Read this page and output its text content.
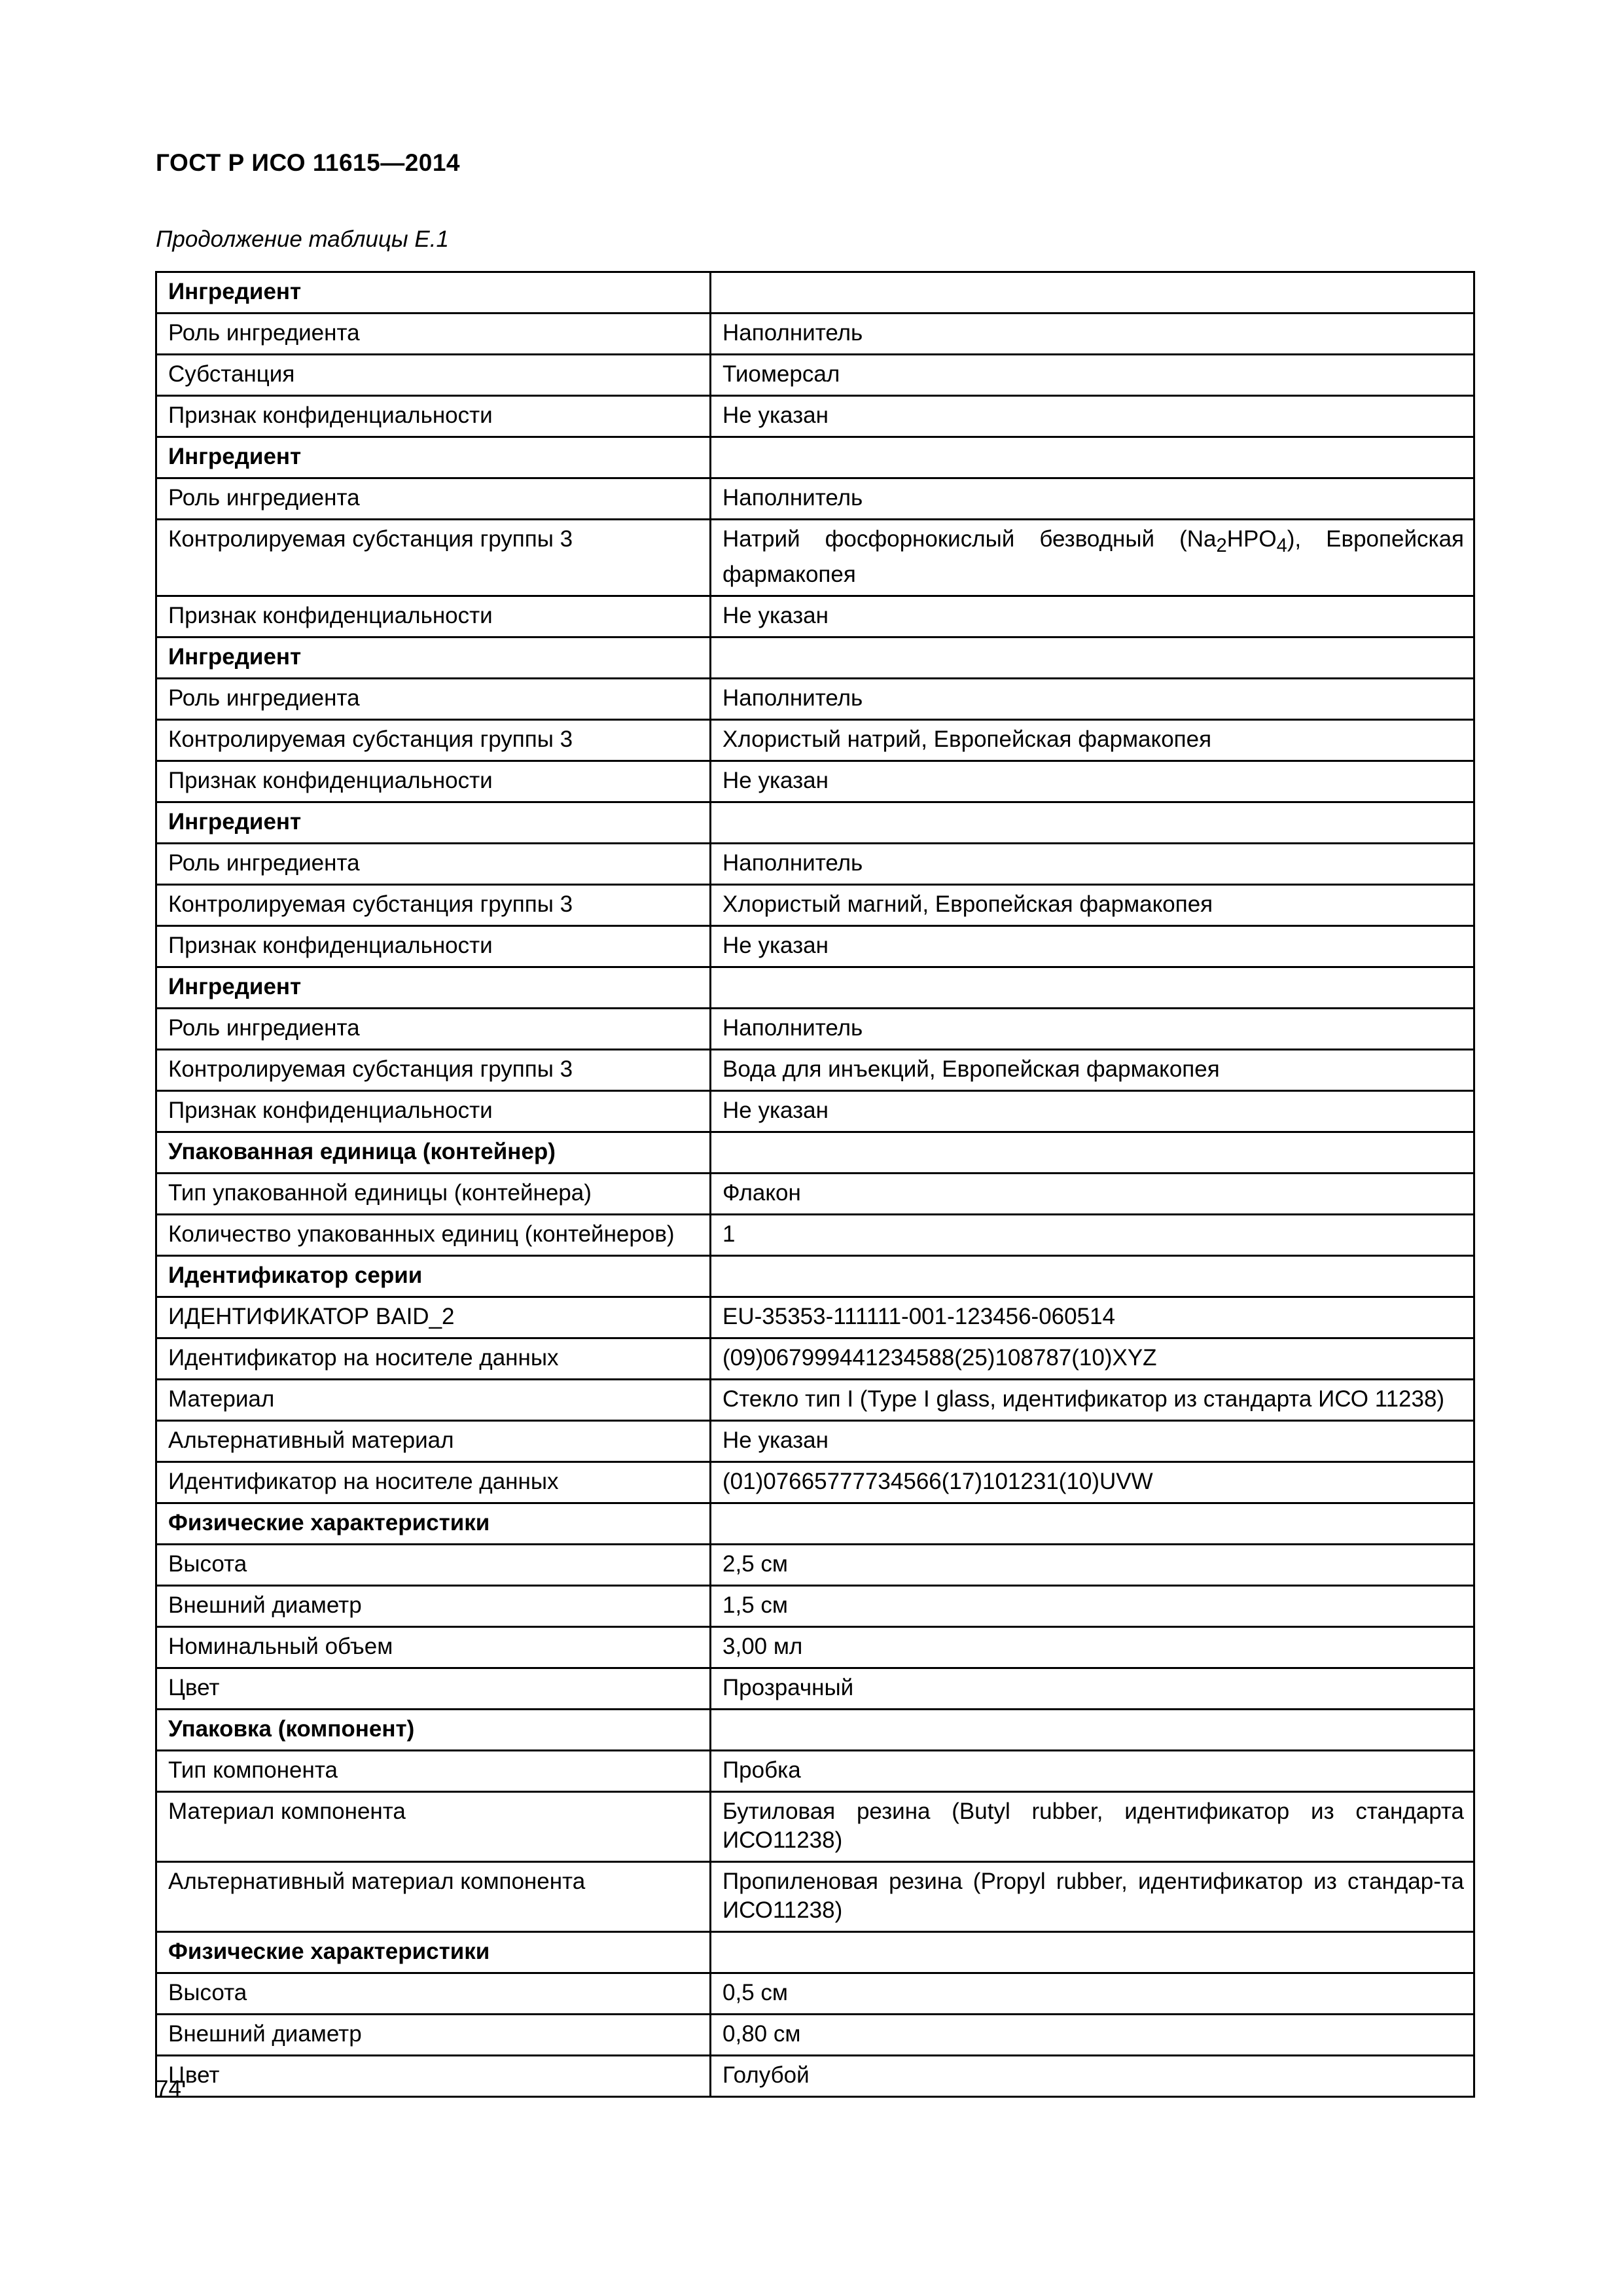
ГОСТ Р ИСО 11615—2014
Продолжение таблицы Е.1
Ингредиент	
Роль ингредиента	Наполнитель
Субстанция	Тиомерсал
Признак конфиденциальности	Не указан
Ингредиент	
Роль ингредиента	Наполнитель
Контролируемая субстанция группы 3	Натрий фосфорнокислый безводный $(Na_2HPO_4)$, Европейская фармакопея
Признак конфиденциальности	Не указан
Ингредиент	
Роль ингредиента	Наполнитель
Контролируемая субстанция группы 3	Хлористый натрий, Европейская фармакопея
Признак конфиденциальности	Не указан
Ингредиент	
Роль ингредиента	Наполнитель
Контролируемая субстанция группы 3	Хлористый магний, Европейская фармакопея
Признак конфиденциальности	Не указан
Ингредиент	
Роль ингредиента	Наполнитель
Контролируемая субстанция группы 3	Вода для инъекций, Европейская фармакопея
Признак конфиденциальности	Не указан
Упакованная единица (контейнер)	
Тип упакованной единицы (контейнера)	Флакон
Количество упакованных единиц (контейнеров)	1
Идентификатор серии	
ИДЕНТИФИКАТОР BAID_2	EU-35353-111111-001-123456-060514
Идентификатор на носителе данных	(09)067999441234588(25)108787(10)XYZ
Материал	Стекло тип I (Type I glass, идентификатор из стандарта ИСО 11238)
Альтернативный материал	Не указан
Идентификатор на носителе данных	(01)07665777734566(17)101231(10)UVW
Физические характеристики	
Высота	2,5 см
Внешний диаметр	1,5 см
Номинальный объем	3,00 мл
Цвет	Прозрачный
Упаковка (компонент)	
Тип компонента	Пробка
Материал компонента	Бутиловая резина (Butyl rubber, идентификатор из стандарта ИСО11238)
Альтернативный материал компонента	Пропиленовая резина (Propyl rubber, идентификатор из стандар-та ИСО11238)
Физические характеристики	
Высота	0,5 см
Внешний диаметр	0,80 см
Цвет	Голубой
74
